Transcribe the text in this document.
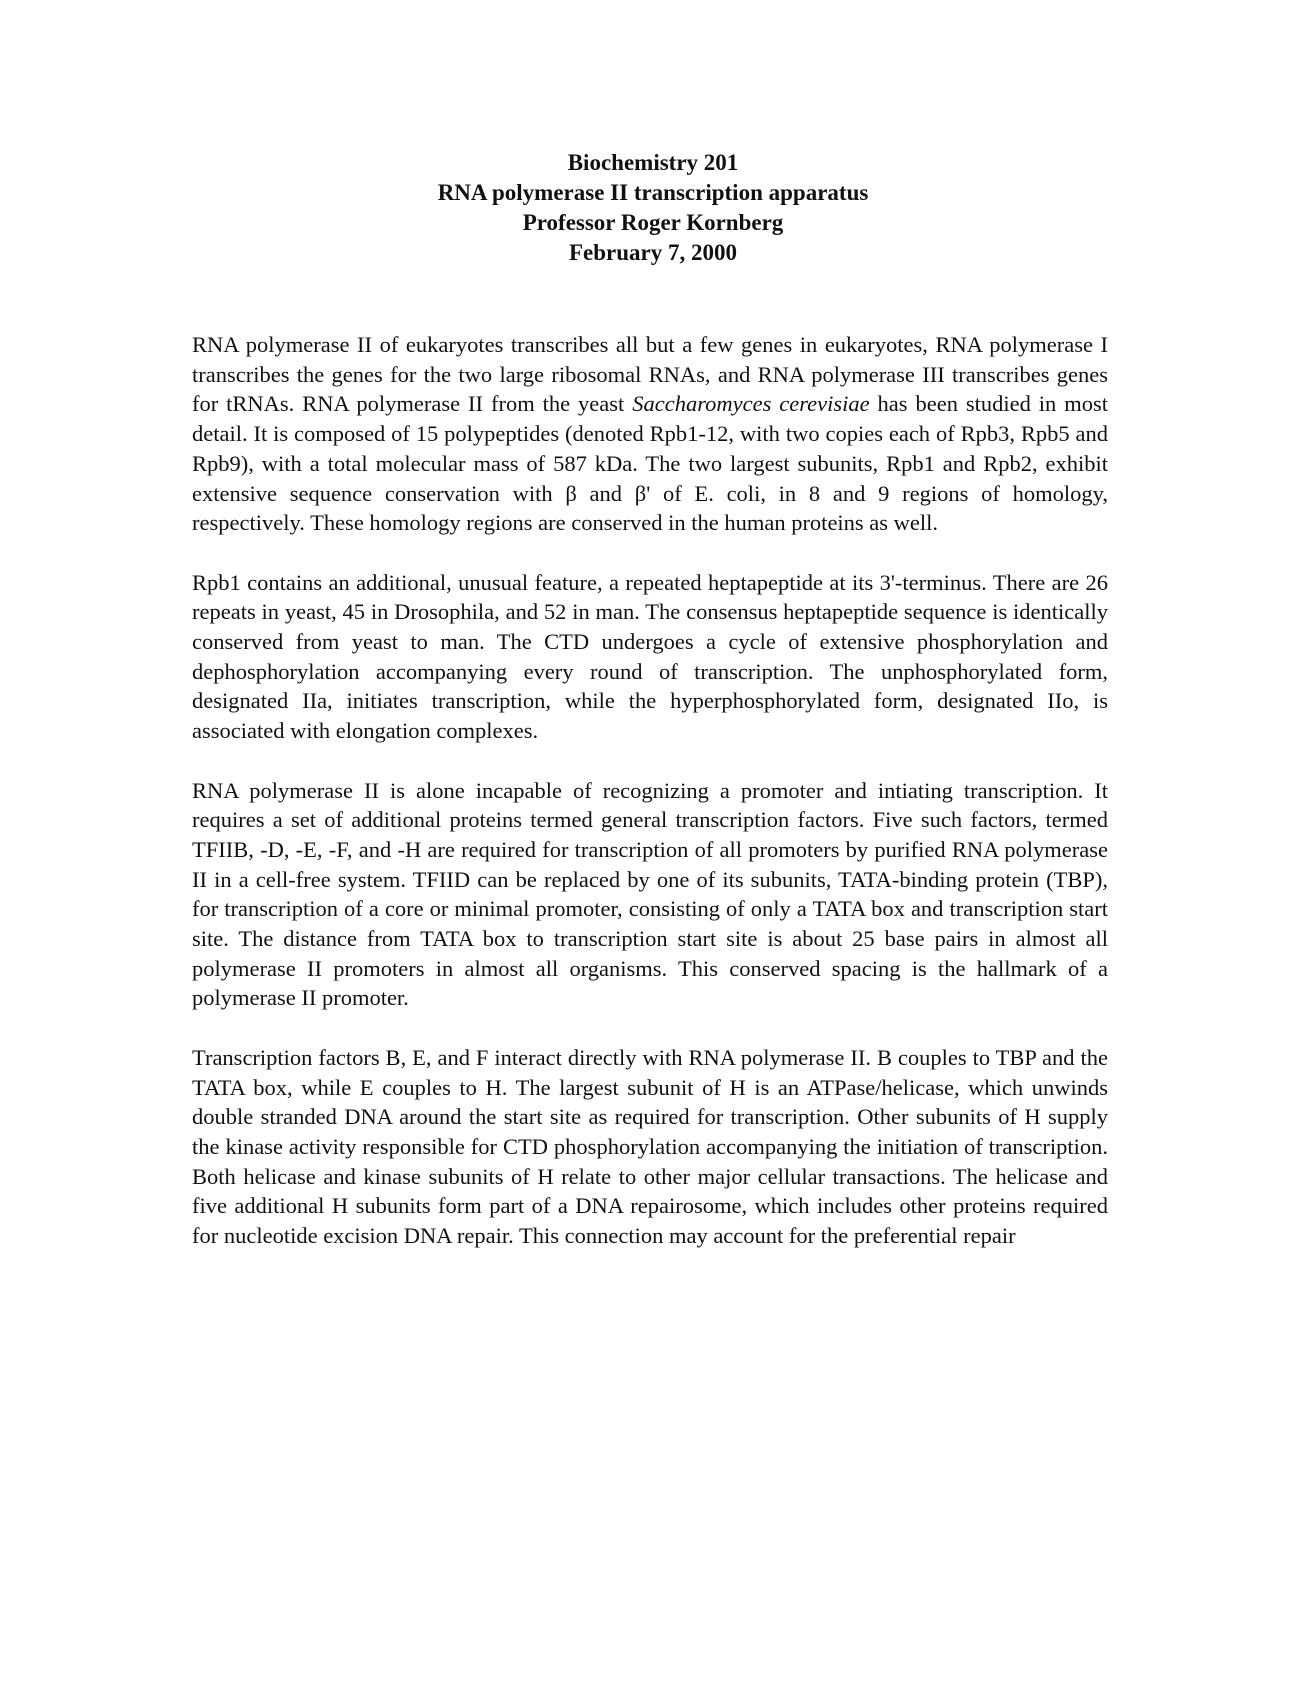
Biochemistry 201
RNA polymerase II transcription apparatus
Professor Roger Kornberg
February 7, 2000

RNA polymerase II of eukaryotes transcribes all but a few genes in eukaryotes, RNA polymerase I transcribes the genes for the two large ribosomal RNAs, and RNA polymerase III transcribes genes for tRNAs. RNA polymerase II from the yeast Saccharomyces cerevisiae has been studied in most detail. It is composed of 15 polypeptides (denoted Rpb1-12, with two copies each of Rpb3, Rpb5 and Rpb9), with a total molecular mass of 587 kDa. The two largest subunits, Rpb1 and Rpb2, exhibit extensive sequence conservation with β and β' of E. coli, in 8 and 9 regions of homology, respectively. These homology regions are conserved in the human proteins as well.

Rpb1 contains an additional, unusual feature, a repeated heptapeptide at its 3'-terminus. There are 26 repeats in yeast, 45 in Drosophila, and 52 in man. The consensus heptapeptide sequence is identically conserved from yeast to man. The CTD undergoes a cycle of extensive phosphorylation and dephosphorylation accompanying every round of transcription. The unphosphorylated form, designated IIa, initiates transcription, while the hyperphosphorylated form, designated IIo, is associated with elongation complexes.

RNA polymerase II is alone incapable of recognizing a promoter and intiating transcription. It requires a set of additional proteins termed general transcription factors. Five such factors, termed TFIIB, -D, -E, -F, and -H are required for transcription of all promoters by purified RNA polymerase II in a cell-free system. TFIID can be replaced by one of its subunits, TATA-binding protein (TBP), for transcription of a core or minimal promoter, consisting of only a TATA box and transcription start site. The distance from TATA box to transcription start site is about 25 base pairs in almost all polymerase II promoters in almost all organisms. This conserved spacing is the hallmark of a polymerase II promoter.

Transcription factors B, E, and F interact directly with RNA polymerase II. B couples to TBP and the TATA box, while E couples to H. The largest subunit of H is an ATPase/helicase, which unwinds double stranded DNA around the start site as required for transcription. Other subunits of H supply the kinase activity responsible for CTD phosphorylation accompanying the initiation of transcription. Both helicase and kinase subunits of H relate to other major cellular transactions. The helicase and five additional H subunits form part of a DNA repairosome, which includes other proteins required for nucleotide excision DNA repair. This connection may account for the preferential repair
